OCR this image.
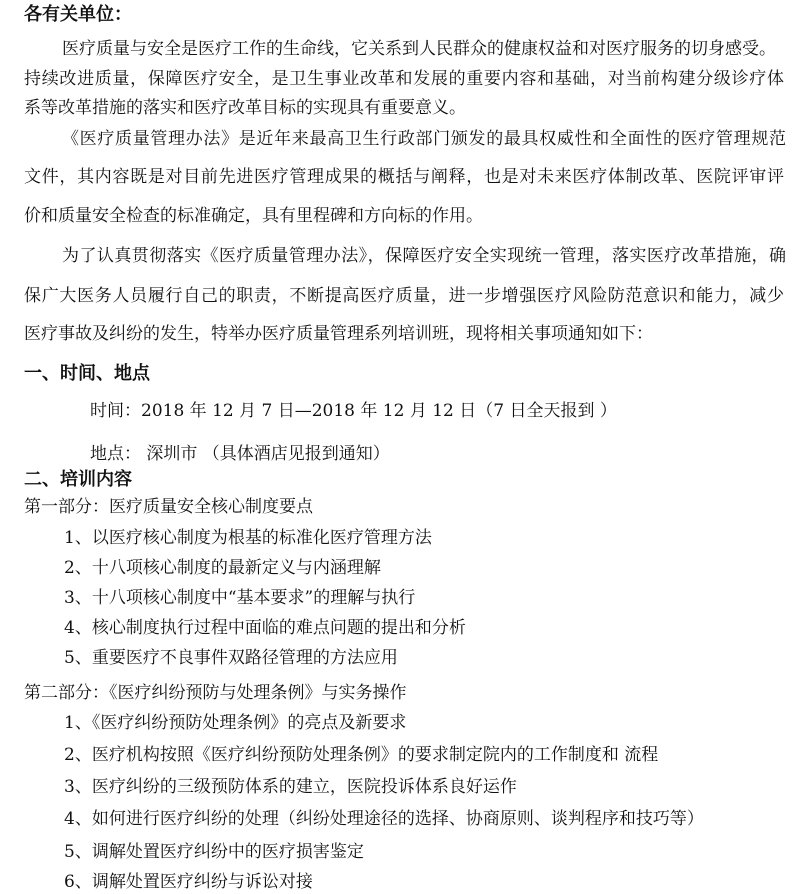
各有关单位：

医疗质量与安全是医疗工作的生命线，它关系到人民群众的健康权益和对医疗服务的切身感受。

持续改进质量，保障医疗安全，是卫生事业改革和发展的重要内容和基础，对当前构建分级诊疗体

系等改革措施的落实和医疗改革目标的实现具有重要意义。

《医疗质量管理办法》是近年来最高卫生行政部门颁发的最具权威性和全面性的医疗管理规范

文件，其内容既是对目前先进医疗管理成果的概括与阐释，也是对未来医疗体制改革、医院评审评

价和质量安全检查的标准确定，具有里程碑和方向标的作用。

为了认真贯彻落实《医疗质量管理办法》，保障医疗安全实现统一管理，落实医疗改革措施，确

保广大医务人员履行自己的职责，不断提高医疗质量，进一步增强医疗风险防范意识和能力，减少

医疗事故及纠纷的发生，特举办医疗质量管理系列培训班，现将相关事项通知如下：

一、时间、地点

时间：2018 年 12 月 7 日—2018 年 12 月 12 日（7 日全天报到 ）

地点： 深圳市 （具体酒店见报到通知）

二、培训内容

第一部分：医疗质量安全核心制度要点

1、以医疗核心制度为根基的标准化医疗管理方法

2、十八项核心制度的最新定义与内涵理解

3、十八项核心制度中“基本要求”的理解与执行

4、核心制度执行过程中面临的难点问题的提出和分析

5、重要医疗不良事件双路径管理的方法应用

第二部分：《医疗纠纷预防与处理条例》与实务操作

1、《医疗纠纷预防处理条例》的亮点及新要求

2、医疗机构按照《医疗纠纷预防处理条例》的要求制定院内的工作制度和 流程

3、医疗纠纷的三级预防体系的建立，医院投诉体系良好运作

4、如何进行医疗纠纷的处理（纠纷处理途径的选择、协商原则、谈判程序和技巧等）

5、调解处置医疗纠纷中的医疗损害鉴定

6、调解处置医疗纠纷与诉讼对接
